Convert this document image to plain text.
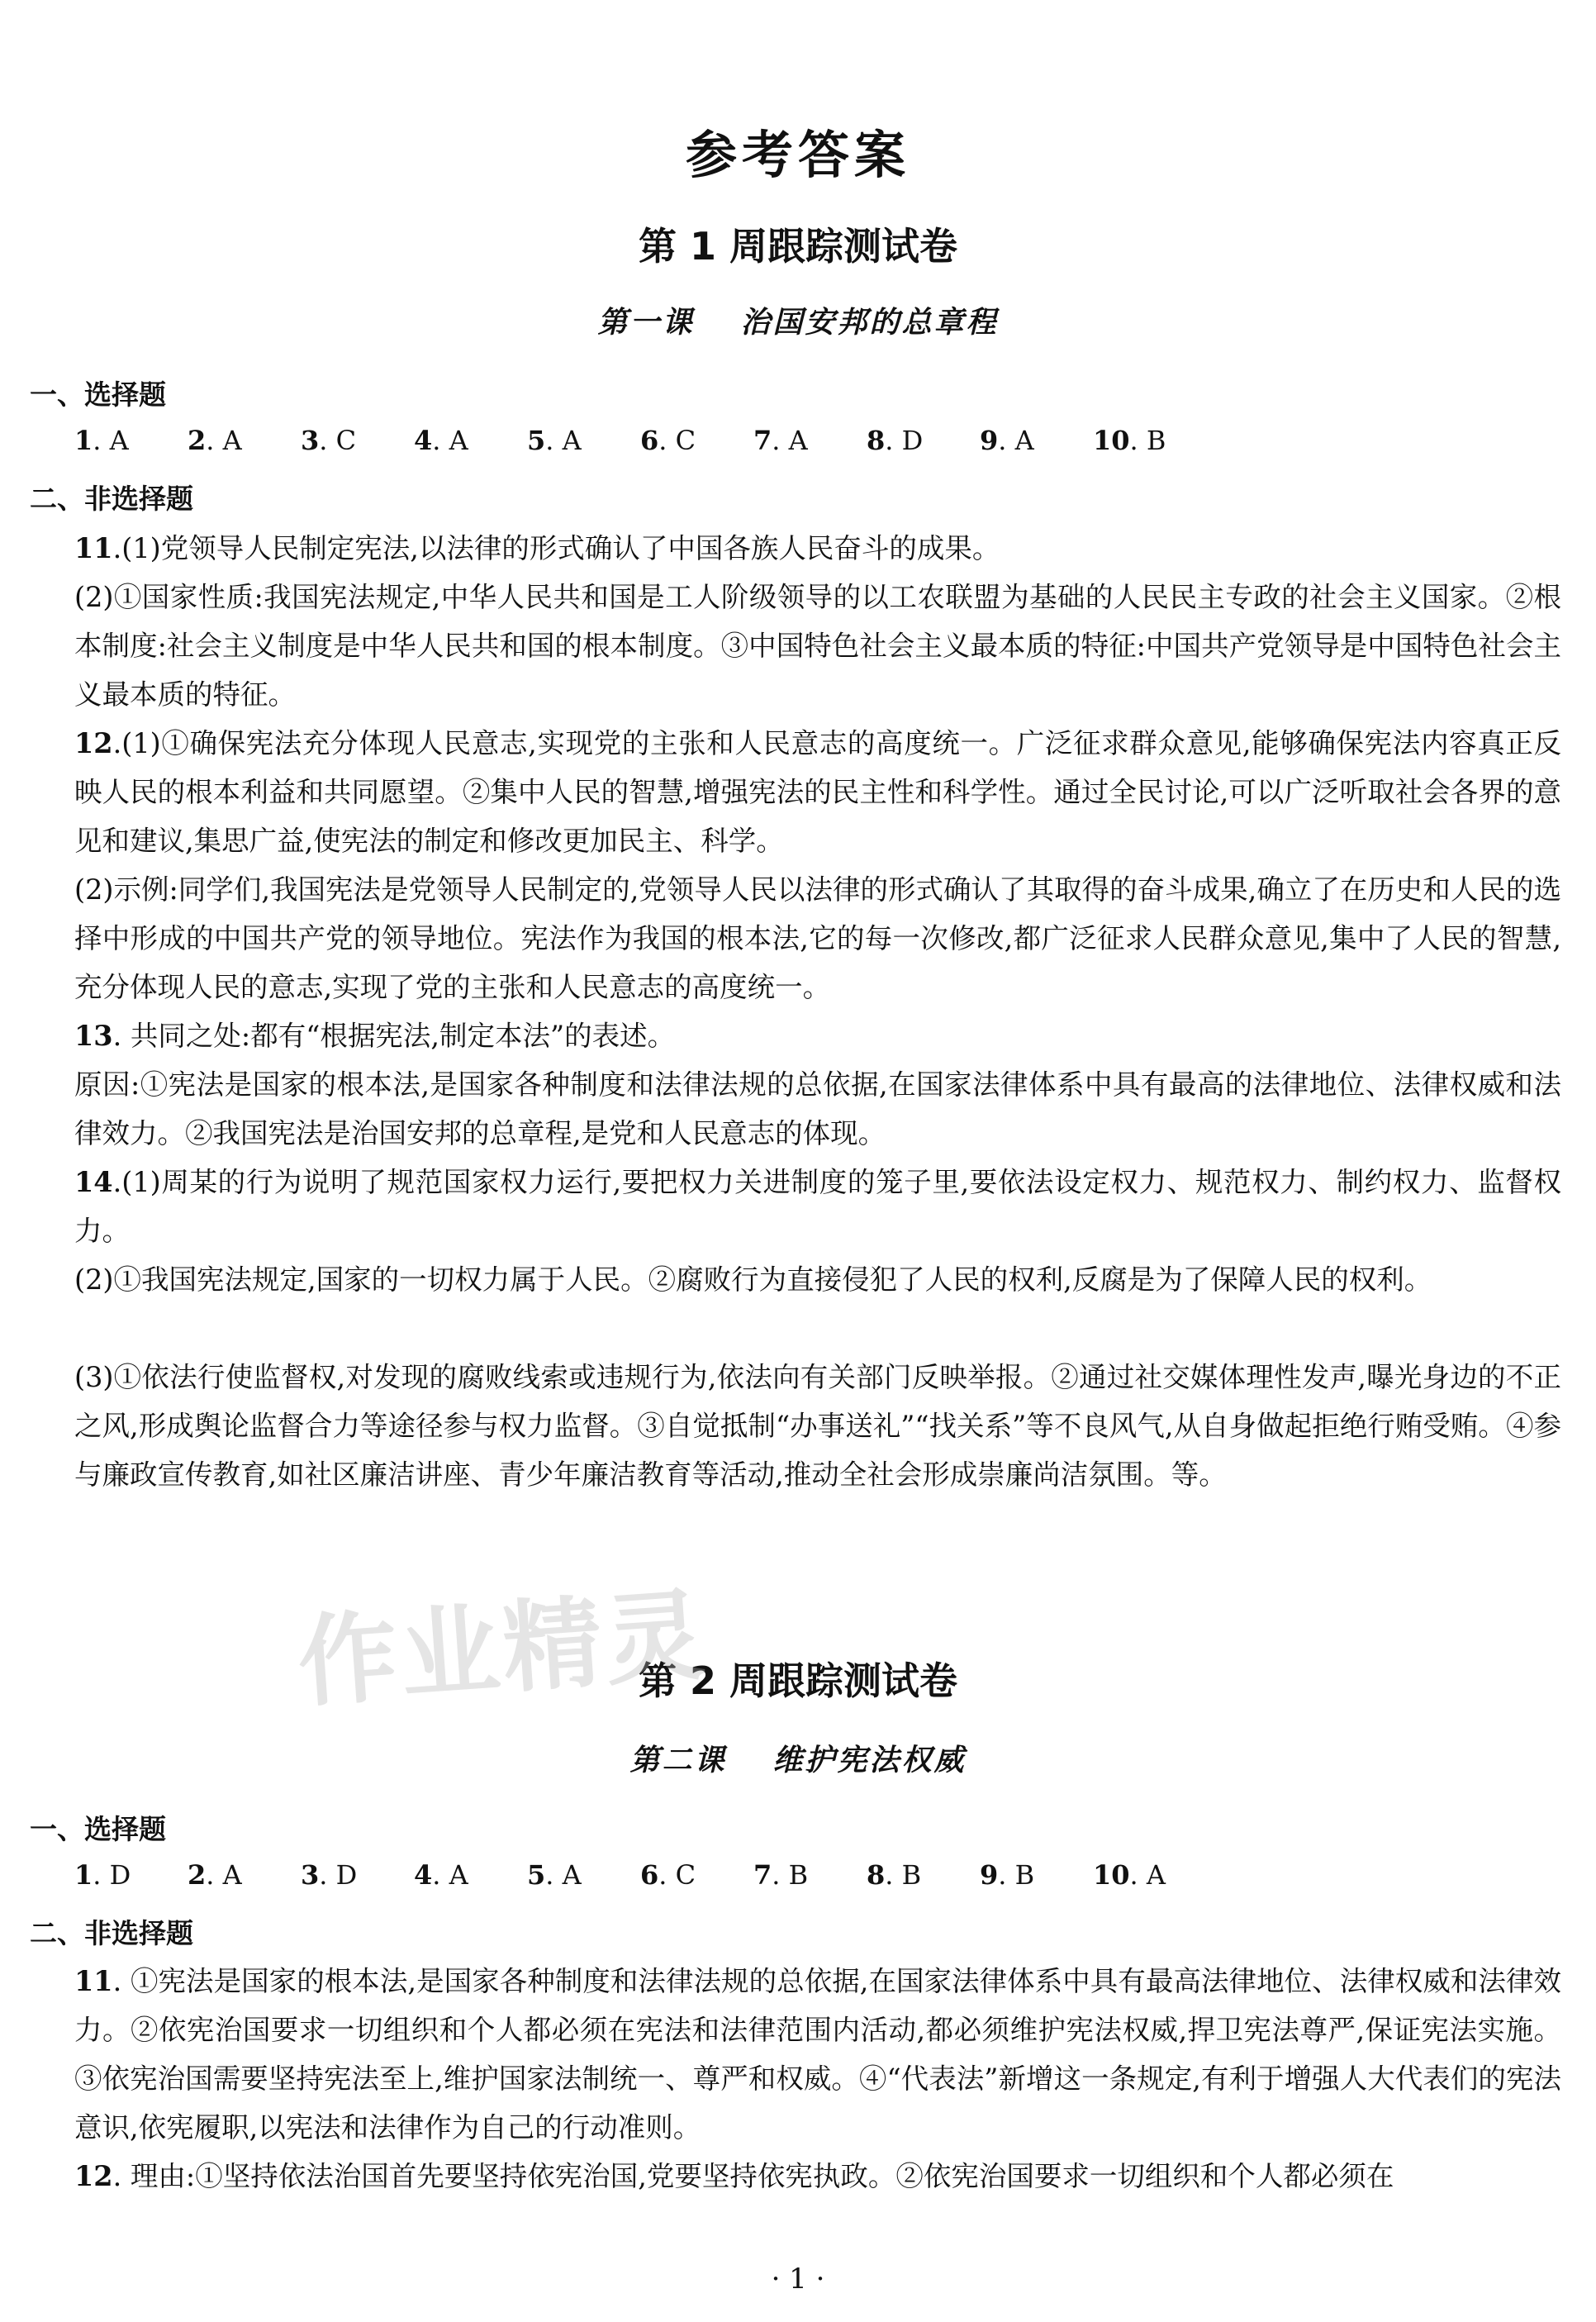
参考答案
第 1 周跟踪测试卷
第一课 治国安邦的总章程
一、选择题
1. A 2. A 3. C 4. A 5. A 6. C 7. A 8. D 9. A 10. B
二、非选择题
11.(1)党领导人民制定宪法,以法律的形式确认了中国各族人民奋斗的成果。
(2)①国家性质:我国宪法规定,中华人民共和国是工人阶级领导的以工农联盟为基础的人民民主专政的社会主义国家。②根本制度:社会主义制度是中华人民共和国的根本制度。③中国特色社会主义最本质的特征:中国共产党领导是中国特色社会主义最本质的特征。
12.(1)①确保宪法充分体现人民意志,实现党的主张和人民意志的高度统一。广泛征求群众意见,能够确保宪法内容真正反映人民的根本利益和共同愿望。②集中人民的智慧,增强宪法的民主性和科学性。通过全民讨论,可以广泛听取社会各界的意见和建议,集思广益,使宪法的制定和修改更加民主、科学。
(2)示例:同学们,我国宪法是党领导人民制定的,党领导人民以法律的形式确认了其取得的奋斗成果,确立了在历史和人民的选择中形成的中国共产党的领导地位。宪法作为我国的根本法,它的每一次修改,都广泛征求人民群众意见,集中了人民的智慧,充分体现人民的意志,实现了党的主张和人民意志的高度统一。
13. 共同之处:都有“根据宪法,制定本法”的表述。
原因:①宪法是国家的根本法,是国家各种制度和法律法规的总依据,在国家法律体系中具有最高的法律地位、法律权威和法律效力。②我国宪法是治国安邦的总章程,是党和人民意志的体现。
14.(1)周某的行为说明了规范国家权力运行,要把权力关进制度的笼子里,要依法设定权力、规范权力、制约权力、监督权力。
(2)①我国宪法规定,国家的一切权力属于人民。②腐败行为直接侵犯了人民的权利,反腐是为了保障人民的权利。
(3)①依法行使监督权,对发现的腐败线索或违规行为,依法向有关部门反映举报。②通过社交媒体理性发声,曝光身边的不正之风,形成舆论监督合力等途径参与权力监督。③自觉抵制“办事送礼”“找关系”等不良风气,从自身做起拒绝行贿受贿。④参与廉政宣传教育,如社区廉洁讲座、青少年廉洁教育等活动,推动全社会形成崇廉尚洁氛围。等。
第 2 周跟踪测试卷
第二课 维护宪法权威
一、选择题
1. D 2. A 3. D 4. A 5. A 6. C 7. B 8. B 9. B 10. A
二、非选择题
11. ①宪法是国家的根本法,是国家各种制度和法律法规的总依据,在国家法律体系中具有最高法律地位、法律权威和法律效力。②依宪治国要求一切组织和个人都必须在宪法和法律范围内活动,都必须维护宪法权威,捍卫宪法尊严,保证宪法实施。③依宪治国需要坚持宪法至上,维护国家法制统一、尊严和权威。④“代表法”新增这一条规定,有利于增强人大代表们的宪法意识,依宪履职,以宪法和法律作为自己的行动准则。
12. 理由:①坚持依法治国首先要坚持依宪治国,党要坚持依宪执政。②依宪治国要求一切组织和个人都必须在
作业精灵
· 1 ·
